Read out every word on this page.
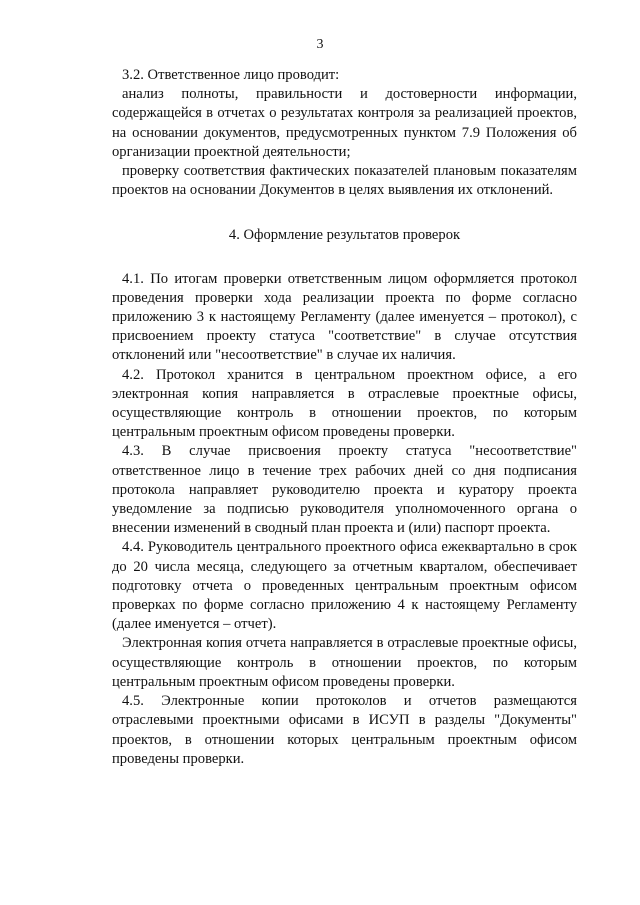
3

3.2. Ответственное лицо проводит:

анализ полноты, правильности и достоверности информации, содержащейся в отчетах о результатах контроля за реализацией проектов, на основании документов, предусмотренных пунктом 7.9 Положения об организации проектной деятельности;

проверку соответствия фактических показателей плановым показателям проектов на основании Документов в целях выявления их отклонений.

4. Оформление результатов проверок

4.1. По итогам проверки ответственным лицом оформляется протокол проведения проверки хода реализации проекта по форме согласно приложению 3 к настоящему Регламенту (далее именуется – протокол), с присвоением проекту статуса "соответствие" в случае отсутствия отклонений или "несоответствие" в случае их наличия.

4.2. Протокол хранится в центральном проектном офисе, а его электронная копия направляется в отраслевые проектные офисы, осуществляющие контроль в отношении проектов, по которым центральным проектным офисом проведены проверки.

4.3. В случае присвоения проекту статуса "несоответствие" ответственное лицо в течение трех рабочих дней со дня подписания протокола направляет руководителю проекта и куратору проекта уведомление за подписью руководителя уполномоченного органа о внесении изменений в сводный план проекта и (или) паспорт проекта.

4.4. Руководитель центрального проектного офиса ежеквартально в срок до 20 числа месяца, следующего за отчетным кварталом, обеспечивает подготовку отчета о проведенных центральным проектным офисом проверках по форме согласно приложению 4 к настоящему Регламенту (далее именуется – отчет).

Электронная копия отчета направляется в отраслевые проектные офисы, осуществляющие контроль в отношении проектов, по которым центральным проектным офисом проведены проверки.

4.5. Электронные копии протоколов и отчетов размещаются отраслевыми проектными офисами в ИСУП в разделы "Документы" проектов, в отношении которых центральным проектным офисом проведены проверки.
